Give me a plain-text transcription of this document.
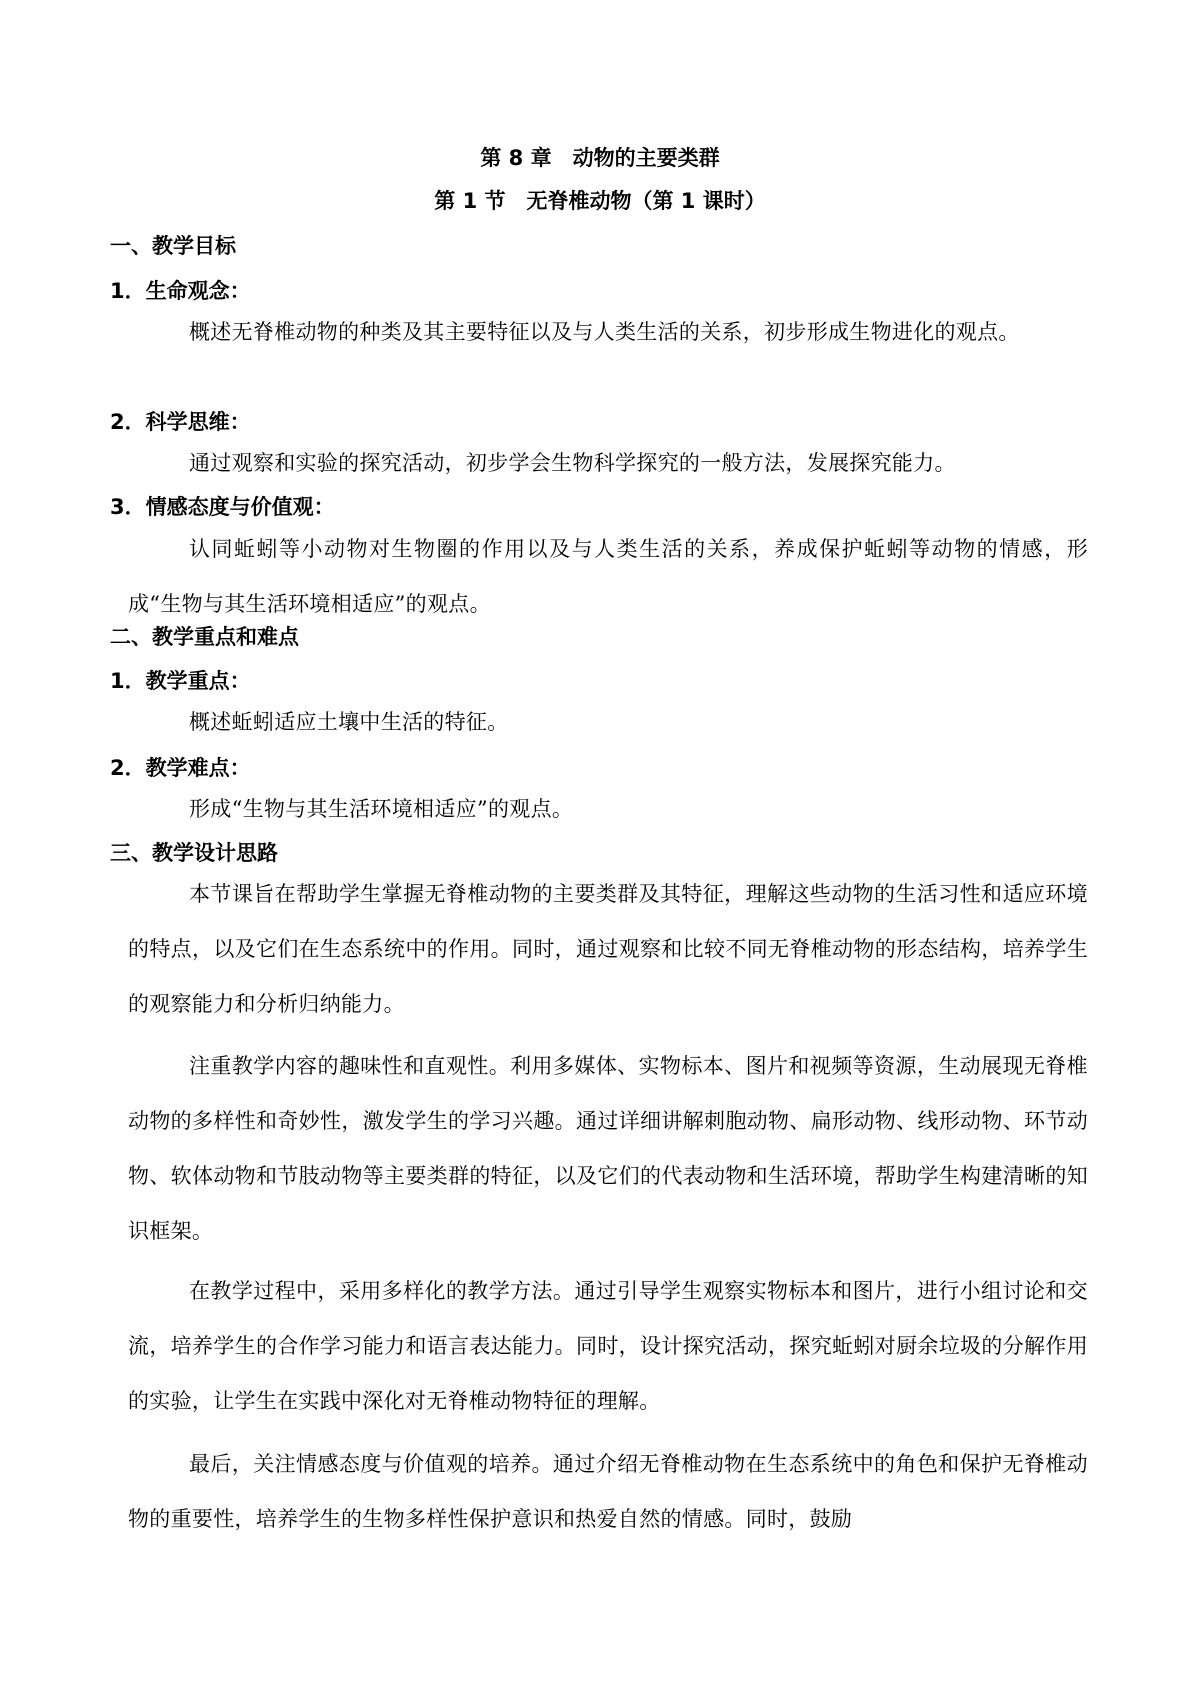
第 8 章　动物的主要类群
第 1 节　无脊椎动物（第 1 课时）
一、教学目标
1．生命观念：

概述无脊椎动物的种类及其主要特征以及与人类生活的关系，初步形成生物进化的观点。

2．科学思维：

通过观察和实验的探究活动，初步学会生物科学探究的一般方法，发展探究能力。

3．情感态度与价值观：

认同蚯蚓等小动物对生物圈的作用以及与人类生活的关系，养成保护蚯蚓等动物的情感，形成“生物与其生活环境相适应”的观点。

二、教学重点和难点
1．教学重点：

概述蚯蚓适应土壤中生活的特征。

2．教学难点：

形成“生物与其生活环境相适应”的观点。

三、教学设计思路

本节课旨在帮助学生掌握无脊椎动物的主要类群及其特征，理解这些动物的生活习性和适应环境的特点，以及它们在生态系统中的作用。同时，通过观察和比较不同无脊椎动物的形态结构，培养学生的观察能力和分析归纳能力。

注重教学内容的趣味性和直观性。利用多媒体、实物标本、图片和视频等资源，生动展现无脊椎动物的多样性和奇妙性，激发学生的学习兴趣。通过详细讲解刺胞动物、扁形动物、线形动物、环节动物、软体动物和节肢动物等主要类群的特征，以及它们的代表动物和生活环境，帮助学生构建清晰的知识框架。

在教学过程中，采用多样化的教学方法。通过引导学生观察实物标本和图片，进行小组讨论和交流，培养学生的合作学习能力和语言表达能力。同时，设计探究活动，探究蚯蚓对厨余垃圾的分解作用的实验，让学生在实践中深化对无脊椎动物特征的理解。

最后，关注情感态度与价值观的培养。通过介绍无脊椎动物在生态系统中的角色和保护无脊椎动物的重要性，培养学生的生物多样性保护意识和热爱自然的情感。同时，鼓励
